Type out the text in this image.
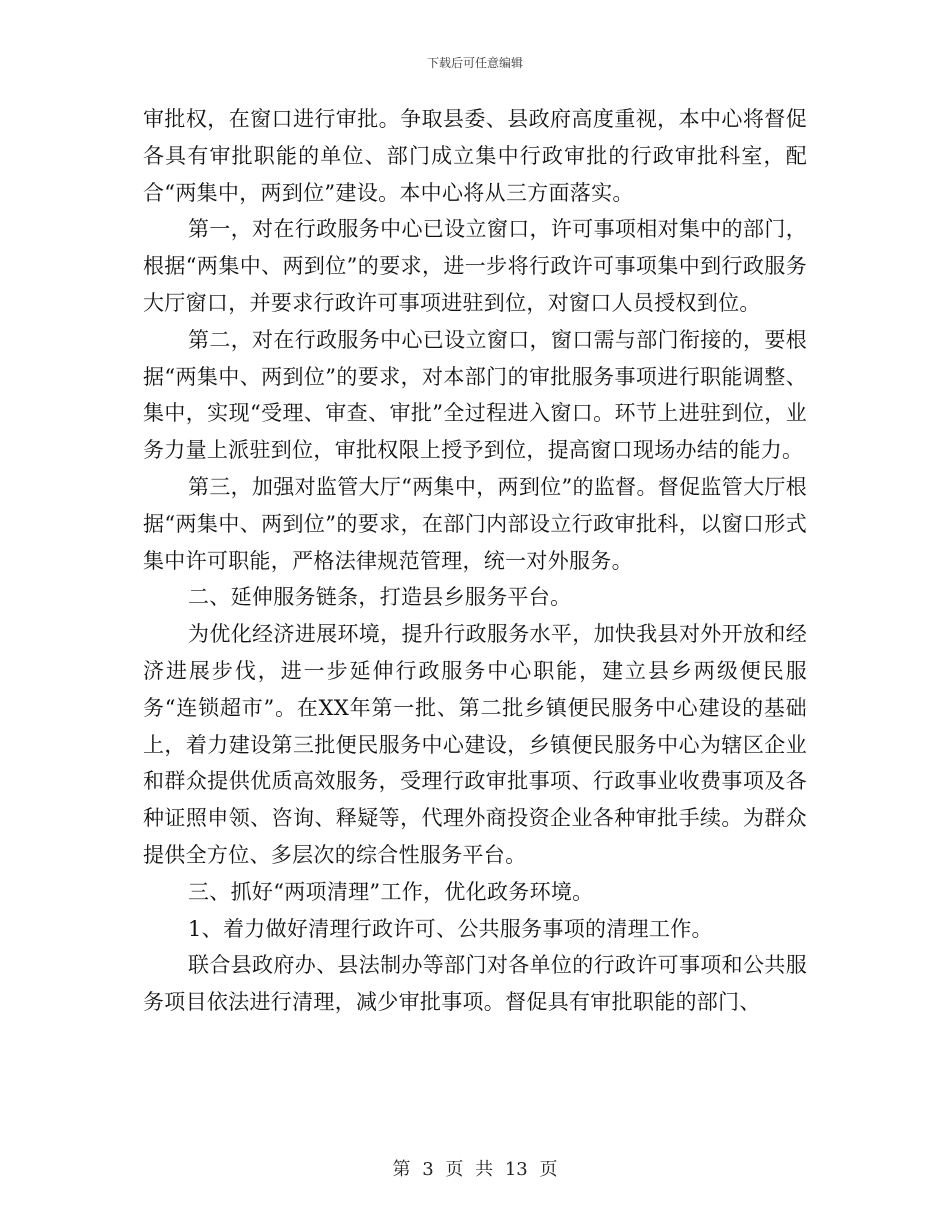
下载后可任意编辑

审批权，在窗口进行审批。争取县委、县政府高度重视，本中心将督促各具有审批职能的单位、部门成立集中行政审批的行政审批科室，配合“两集中，两到位”建设。本中心将从三方面落实。

第一，对在行政服务中心已设立窗口，许可事项相对集中的部门，根据“两集中、两到位”的要求，进一步将行政许可事项集中到行政服务大厅窗口，并要求行政许可事项进驻到位，对窗口人员授权到位。

第二，对在行政服务中心已设立窗口，窗口需与部门衔接的，要根据“两集中、两到位”的要求，对本部门的审批服务事项进行职能调整、集中，实现“受理、审查、审批”全过程进入窗口。环节上进驻到位，业务力量上派驻到位，审批权限上授予到位，提高窗口现场办结的能力。

第三，加强对监管大厅“两集中，两到位”的监督。督促监管大厅根据“两集中、两到位”的要求，在部门内部设立行政审批科，以窗口形式集中许可职能，严格法律规范管理，统一对外服务。

二、延伸服务链条，打造县乡服务平台。

为优化经济进展环境，提升行政服务水平，加快我县对外开放和经济进展步伐，进一步延伸行政服务中心职能，建立县乡两级便民服务“连锁超市”。在XX年第一批、第二批乡镇便民服务中心建设的基础上，着力建设第三批便民服务中心建设，乡镇便民服务中心为辖区企业和群众提供优质高效服务，受理行政审批事项、行政事业收费事项及各种证照申领、咨询、释疑等，代理外商投资企业各种审批手续。为群众提供全方位、多层次的综合性服务平台。

三、抓好“两项清理”工作，优化政务环境。

1、着力做好清理行政许可、公共服务事项的清理工作。

联合县政府办、县法制办等部门对各单位的行政许可事项和公共服务项目依法进行清理，减少审批事项。督促具有审批职能的部门、

第 3 页 共 13 页
